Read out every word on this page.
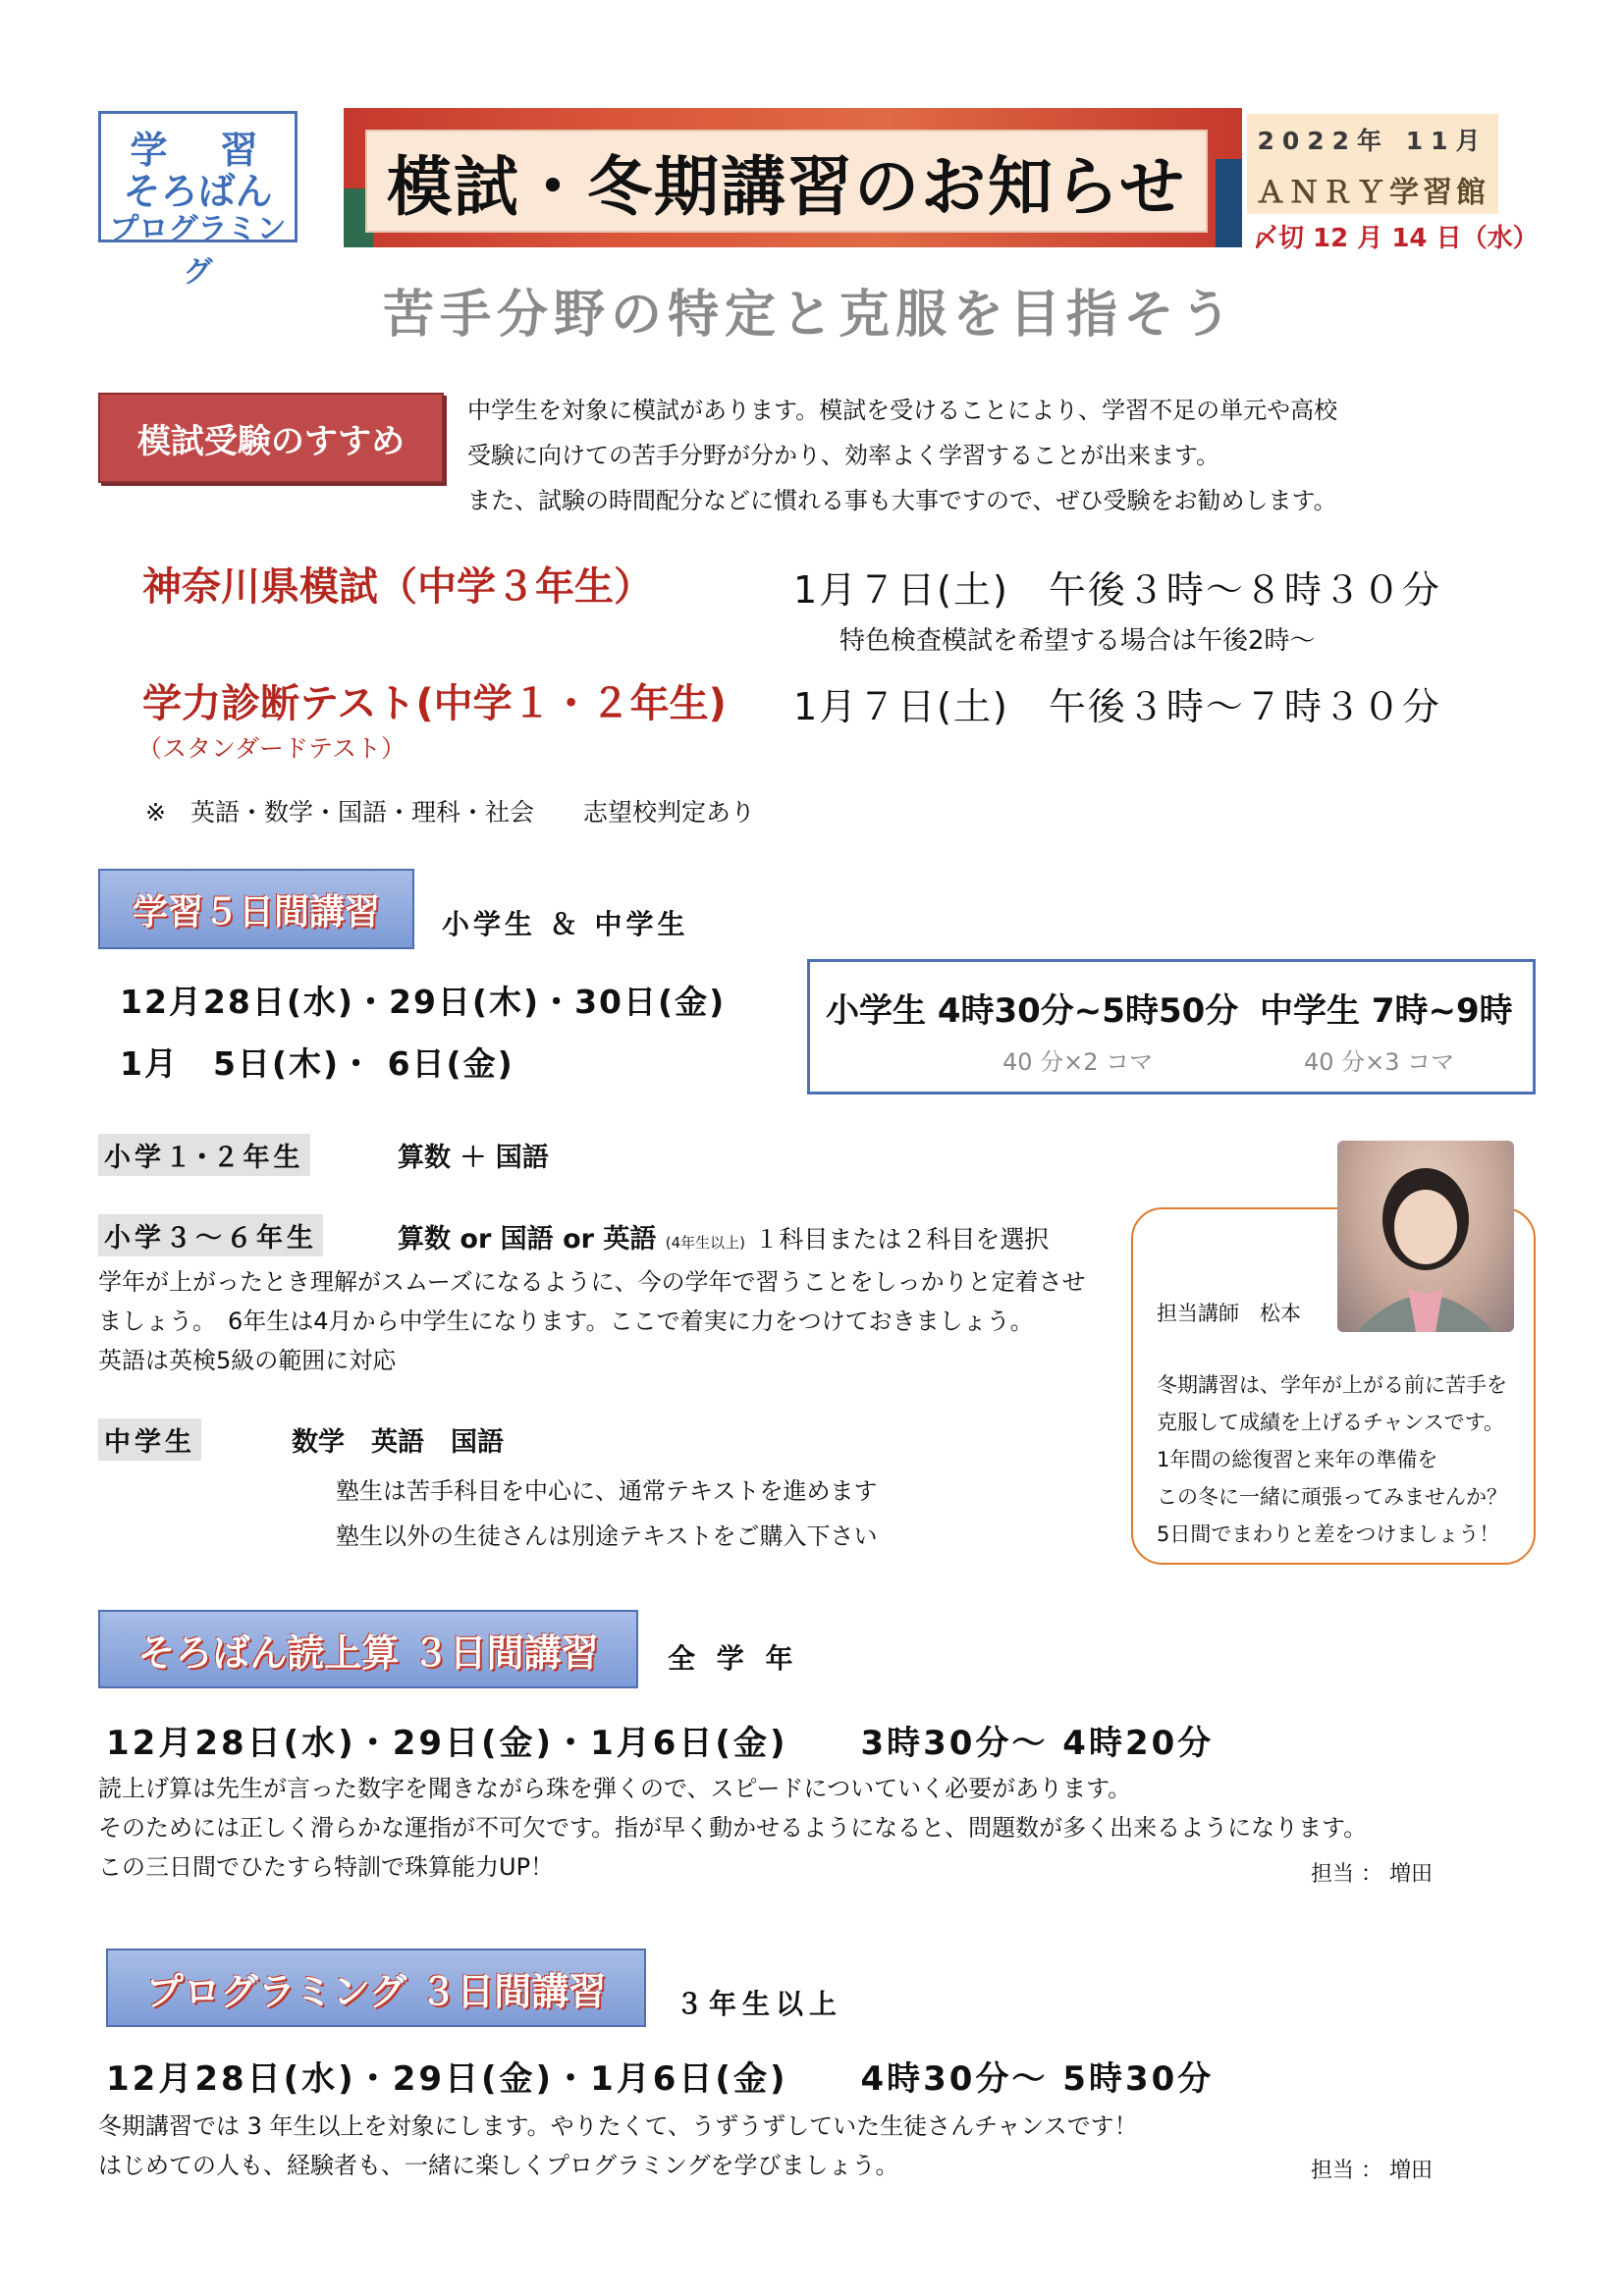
学　習
そろばん
プログラミング
模試・冬期講習のお知らせ
2022年 11月
ＡＮＲＹ学習館
〆切 12 月 14 日（水）
苦手分野の特定と克服を目指そう
模試受験のすすめ
中学生を対象に模試があります。模試を受けることにより、学習不足の単元や高校
受験に向けての苦手分野が分かり、効率よく学習することが出来ます。
また、試験の時間配分などに慣れる事も大事ですので、ぜひ受験をお勧めします。
神奈川県模試（中学３年生）	1月７日(土)　午後３時～８時３０分
特色検査模試を希望する場合は午後2時～
学力診断テスト(中学１・２年生) 1月７日(土)　午後３時～７時３０分
（スタンダードテスト）
※　英語・数学・国語・理科・社会　　志望校判定あり
学習５日間講習	小学生 ＆ 中学生
12月28日(水)・29日(木)・30日(金)
1月　5日(木)・ 6日(金)
小学生 4時30分~5時50分
40 分×2 コマ
中学生 7時~9時
40 分×3 コマ
小学１･２年生	算数 ＋ 国語
小学３～６年生	算数 or 国語 or 英語 (4年生以上) １科目または２科目を選択
学年が上がったとき理解がスムーズになるように、今の学年で習うことをしっかりと定着させ
ましょう。　6年生は4月から中学生になります。ここで着実に力をつけておきましょう。
英語は英検5級の範囲に対応
中学生	数学　英語　国語
塾生は苦手科目を中心に、通常テキストを進めます
塾生以外の生徒さんは別途テキストをご購入下さい
担当講師　松本
冬期講習は、学年が上がる前に苦手を
克服して成績を上げるチャンスです。
1年間の総復習と来年の準備を
この冬に一緒に頑張ってみませんか？
5日間でまわりと差をつけましょう！
そろばん読上算 ３日間講習	全 学 年
12月28日(水)・29日(金)・1月6日(金)　　3時30分～ 4時20分
読上げ算は先生が言った数字を聞きながら珠を弾くので、スピードについていく必要があります。
そのためには正しく滑らかな運指が不可欠です。指が早く動かせるようになると、問題数が多く出来るようになります。
この三日間でひたすら特訓で珠算能力UP！	担当 ： 増田
プログラミング ３日間講習	３年生以上
12月28日(水)・29日(金)・1月6日(金)　　4時30分～ 5時30分
冬期講習では 3 年生以上を対象にします。やりたくて、うずうずしていた生徒さんチャンスです！
はじめての人も、経験者も、一緒に楽しくプログラミングを学びましょう。	担当 ： 増田
